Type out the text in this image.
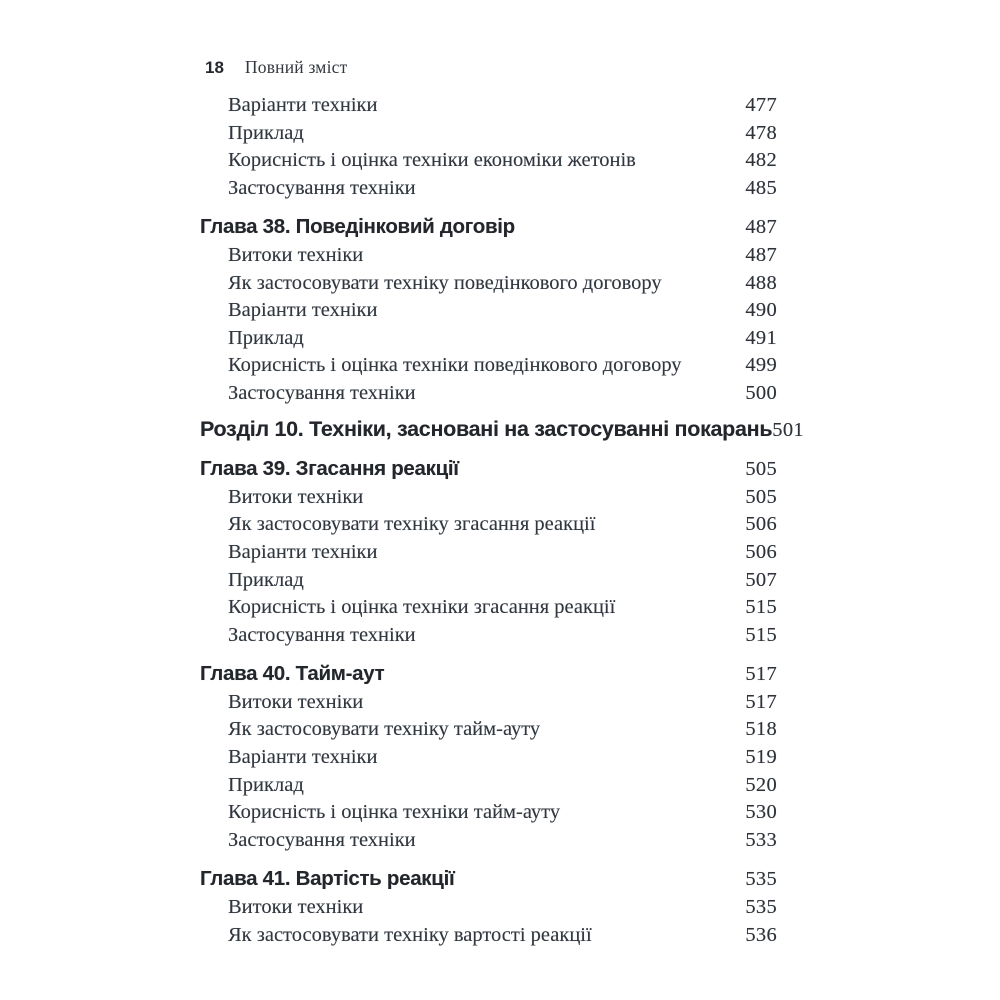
18 Повний зміст
Варіанти техніки	477
Приклад	478
Корисність і оцінка техніки економіки жетонів	482
Застосування техніки	485
Глава 38. Поведінковий договір	487
Витоки техніки	487
Як застосовувати техніку поведінкового договору	488
Варіанти техніки	490
Приклад	491
Корисність і оцінка техніки поведінкового договору	499
Застосування техніки	500
Розділ 10. Техніки, засновані на застосуванні покарань 501
Глава 39. Згасання реакції	505
Витоки техніки	505
Як застосовувати техніку згасання реакції	506
Варіанти техніки	506
Приклад	507
Корисність і оцінка техніки згасання реакції	515
Застосування техніки	515
Глава 40. Тайм-аут	517
Витоки техніки	517
Як застосовувати техніку тайм-ауту	518
Варіанти техніки	519
Приклад	520
Корисність і оцінка техніки тайм-ауту	530
Застосування техніки	533
Глава 41. Вартість реакції	535
Витоки техніки	535
Як застосовувати техніку вартості реакції	536
